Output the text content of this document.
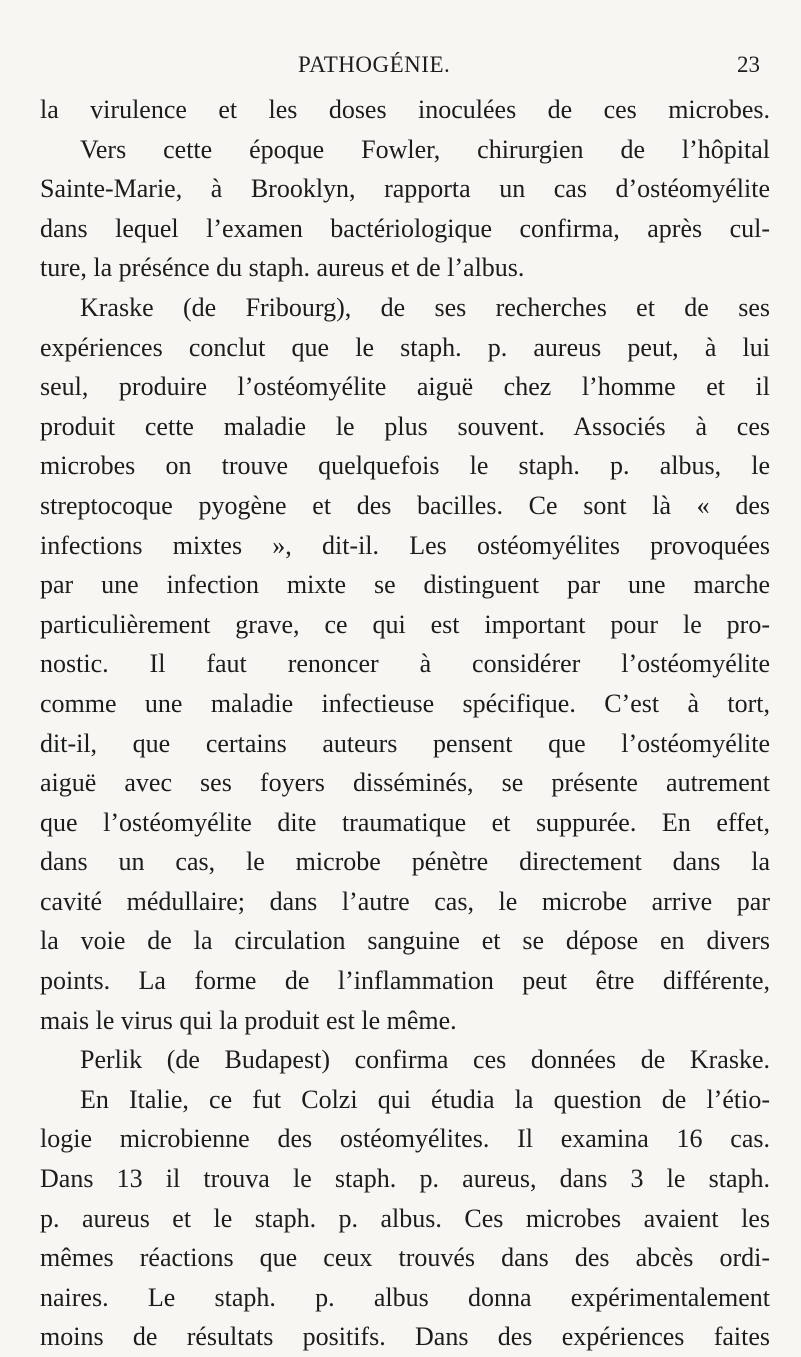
PATHOGÉNIE.	23
la virulence et les doses inoculées de ces microbes.
Vers cette époque Fowler, chirurgien de l’hôpital
Sainte-Marie, à Brooklyn, rapporta un cas d’ostéomyélite
dans lequel l’examen bactériologique confirma, après cul-
ture, la présénce du staph. aureus et de l’albus.
Kraske (de Fribourg), de ses recherches et de ses
expériences conclut que le staph. p. aureus peut, à lui
seul, produire l’ostéomyélite aiguë chez l’homme et il
produit cette maladie le plus souvent. Associés à ces
microbes on trouve quelquefois le staph. p. albus, le
streptocoque pyogène et des bacilles. Ce sont là « des
infections mixtes », dit-il. Les ostéomyélites provoquées
par une infection mixte se distinguent par une marche
particulièrement grave, ce qui est important pour le pro-
nostic. Il faut renoncer à considérer l’ostéomyélite
comme une maladie infectieuse spécifique. C’est à tort,
dit-il, que certains auteurs pensent que l’ostéomyélite
aiguë avec ses foyers disséminés, se présente autrement
que l’ostéomyélite dite traumatique et suppurée. En effet,
dans un cas, le microbe pénètre directement dans la
cavité médullaire; dans l’autre cas, le microbe arrive par
la voie de la circulation sanguine et se dépose en divers
points. La forme de l’inflammation peut être différente,
mais le virus qui la produit est le même.
Perlik (de Budapest) confirma ces données de Kraske.
En Italie, ce fut Colzi qui étudia la question de l’étio-
logie microbienne des ostéomyélites. Il examina 16 cas.
Dans 13 il trouva le staph. p. aureus, dans 3 le staph.
p. aureus et le staph. p. albus. Ces microbes avaient les
mêmes réactions que ceux trouvés dans des abcès ordi-
naires. Le staph. p. albus donna expérimentalement
moins de résultats positifs. Dans des expériences faites
